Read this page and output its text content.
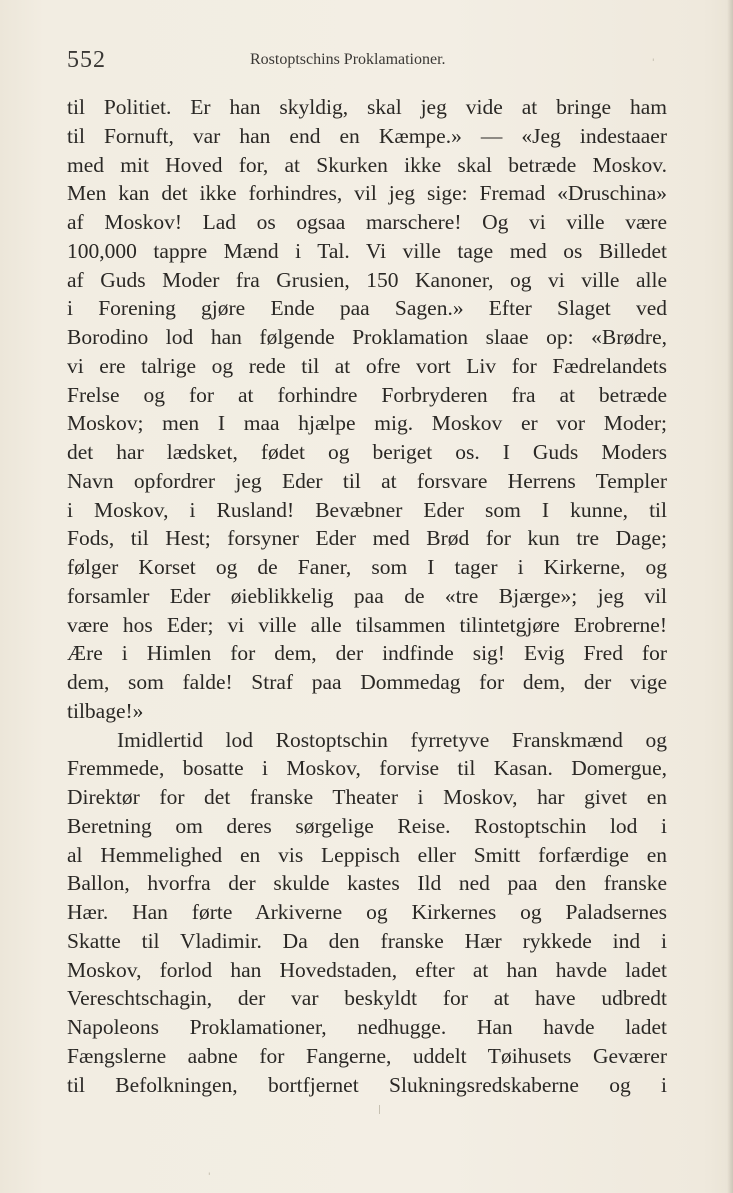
552	Rostoptschins Proklamationer.
til Politiet. Er han skyldig, skal jeg vide at bringe ham
til Fornuft, var han end en Kæmpe.» — «Jeg indestaaer
med mit Hoved for, at Skurken ikke skal betræde Moskov.
Men kan det ikke forhindres, vil jeg sige: Fremad «Druschina»
af Moskov! Lad os ogsaa marschere! Og vi ville være
100,000 tappre Mænd i Tal. Vi ville tage med os Billedet
af Guds Moder fra Grusien, 150 Kanoner, og vi ville alle
i Forening gjøre Ende paa Sagen.» Efter Slaget ved
Borodino lod han følgende Proklamation slaae op: «Brødre,
vi ere talrige og rede til at ofre vort Liv for Fædrelandets
Frelse og for at forhindre Forbryderen fra at betræde
Moskov; men I maa hjælpe mig. Moskov er vor Moder;
det har lædsket, fødet og beriget os. I Guds Moders
Navn opfordrer jeg Eder til at forsvare Herrens Templer
i Moskov, i Rusland! Bevæbner Eder som I kunne, til
Fods, til Hest; forsyner Eder med Brød for kun tre Dage;
følger Korset og de Faner, som I tager i Kirkerne, og
forsamler Eder øieblikkelig paa de «tre Bjærge»; jeg vil
være hos Eder; vi ville alle tilsammen tilintetgjøre Erobrerne!
Ære i Himlen for dem, der indfinde sig! Evig Fred for
dem, som falde! Straf paa Dommedag for dem, der vige
tilbage!»
Imidlertid lod Rostoptschin fyrretyve Franskmænd og
Fremmede, bosatte i Moskov, forvise til Kasan. Domergue,
Direktør for det franske Theater i Moskov, har givet en
Beretning om deres sørgelige Reise. Rostoptschin lod i
al Hemmelighed en vis Leppisch eller Smitt forfærdige en
Ballon, hvorfra der skulde kastes Ild ned paa den franske
Hær. Han førte Arkiverne og Kirkernes og Paladsernes
Skatte til Vladimir. Da den franske Hær rykkede ind i
Moskov, forlod han Hovedstaden, efter at han havde ladet
Vereschtschagin, der var beskyldt for at have udbredt
Napoleons Proklamationer, nedhugge. Han havde ladet
Fængslerne aabne for Fangerne, uddelt Tøihusets Geværer
til Befolkningen, bortfjernet Slukningsredskaberne og i
'
|
'
